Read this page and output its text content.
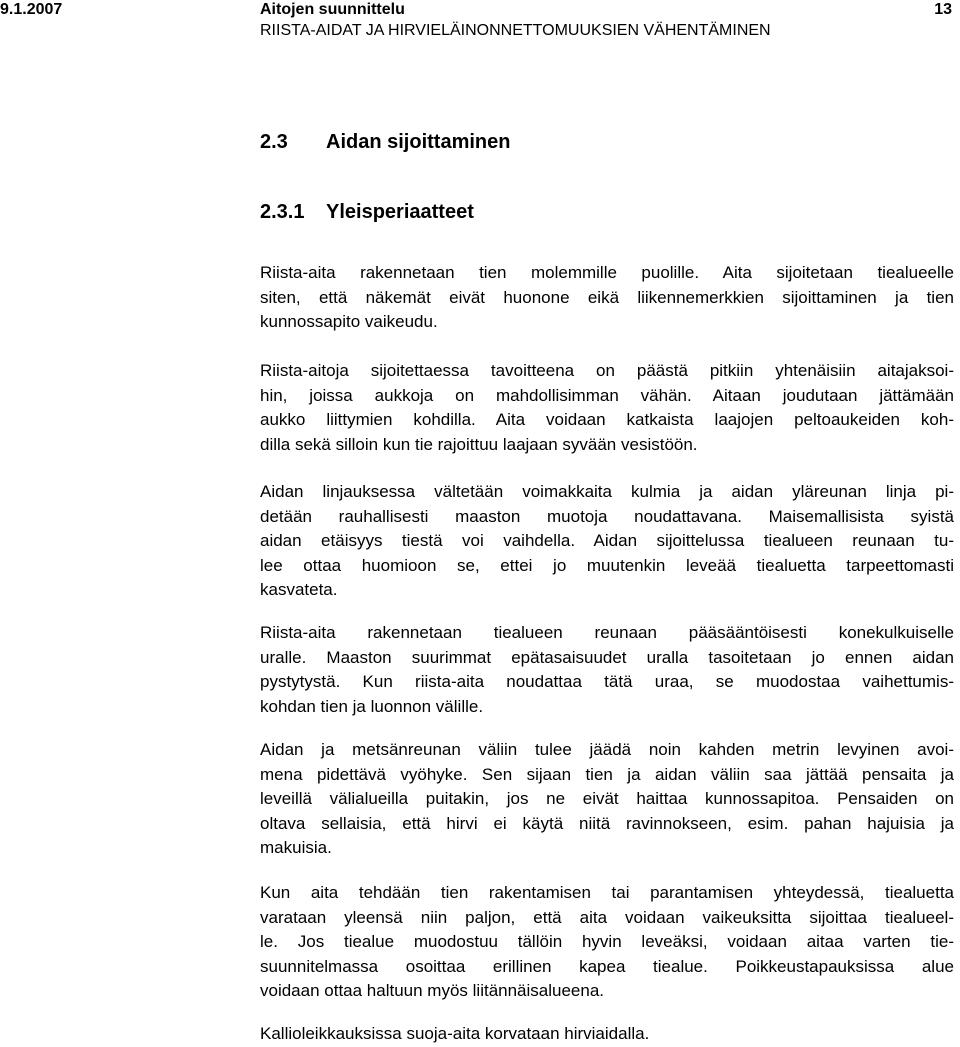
9.1.2007	Aitojen suunnittelu	13
RIISTA-AIDAT JA HIRVIELÄINONNETTOMUUKSIEN VÄHENTÄMINEN
2.3 Aidan sijoittaminen
2.3.1 Yleisperiaatteet
Riista-aita rakennetaan tien molemmille puolille. Aita sijoitetaan tiealueelle
siten, että näkemät eivät huonone eikä liikennemerkkien sijoittaminen ja tien
kunnossapito vaikeudu.
Riista-aitoja sijoitettaessa tavoitteena on päästä pitkiin yhtenäisiin aitajaksoi-
hin, joissa aukkoja on mahdollisimman vähän. Aitaan joudutaan jättämään
aukko liittymien kohdilla. Aita voidaan katkaista laajojen peltoaukeiden koh-
dilla sekä silloin kun tie rajoittuu laajaan syvään vesistöön.
Aidan linjauksessa vältetään voimakkaita kulmia ja aidan yläreunan linja pi-
detään rauhallisesti maaston muotoja noudattavana. Maisemallisista syistä
aidan etäisyys tiestä voi vaihdella. Aidan sijoittelussa tiealueen reunaan tu-
lee ottaa huomioon se, ettei jo muutenkin leveää tiealuetta tarpeettomasti
kasvateta.
Riista-aita rakennetaan tiealueen reunaan pääsääntöisesti konekulkuiselle
uralle. Maaston suurimmat epätasaisuudet uralla tasoitetaan jo ennen aidan
pystytystä. Kun riista-aita noudattaa tätä uraa, se muodostaa vaihettumis-
kohdan tien ja luonnon välille.
Aidan ja metsänreunan väliin tulee jäädä noin kahden metrin levyinen avoi-
mena pidettävä vyöhyke. Sen sijaan tien ja aidan väliin saa jättää pensaita ja
leveillä välialueilla puitakin, jos ne eivät haittaa kunnossapitoa. Pensaiden on
oltava sellaisia, että hirvi ei käytä niitä ravinnokseen, esim. pahan hajuisia ja
makuisia.
Kun aita tehdään tien rakentamisen tai parantamisen yhteydessä, tiealuetta
varataan yleensä niin paljon, että aita voidaan vaikeuksitta sijoittaa tiealueel-
le. Jos tiealue muodostuu tällöin hyvin leveäksi, voidaan aitaa varten tie-
suunnitelmassa osoittaa erillinen kapea tiealue. Poikkeustapauksissa alue
voidaan ottaa haltuun myös liitännäisalueena.
Kallioleikkauksissa suoja-aita korvataan hirviaidalla.
